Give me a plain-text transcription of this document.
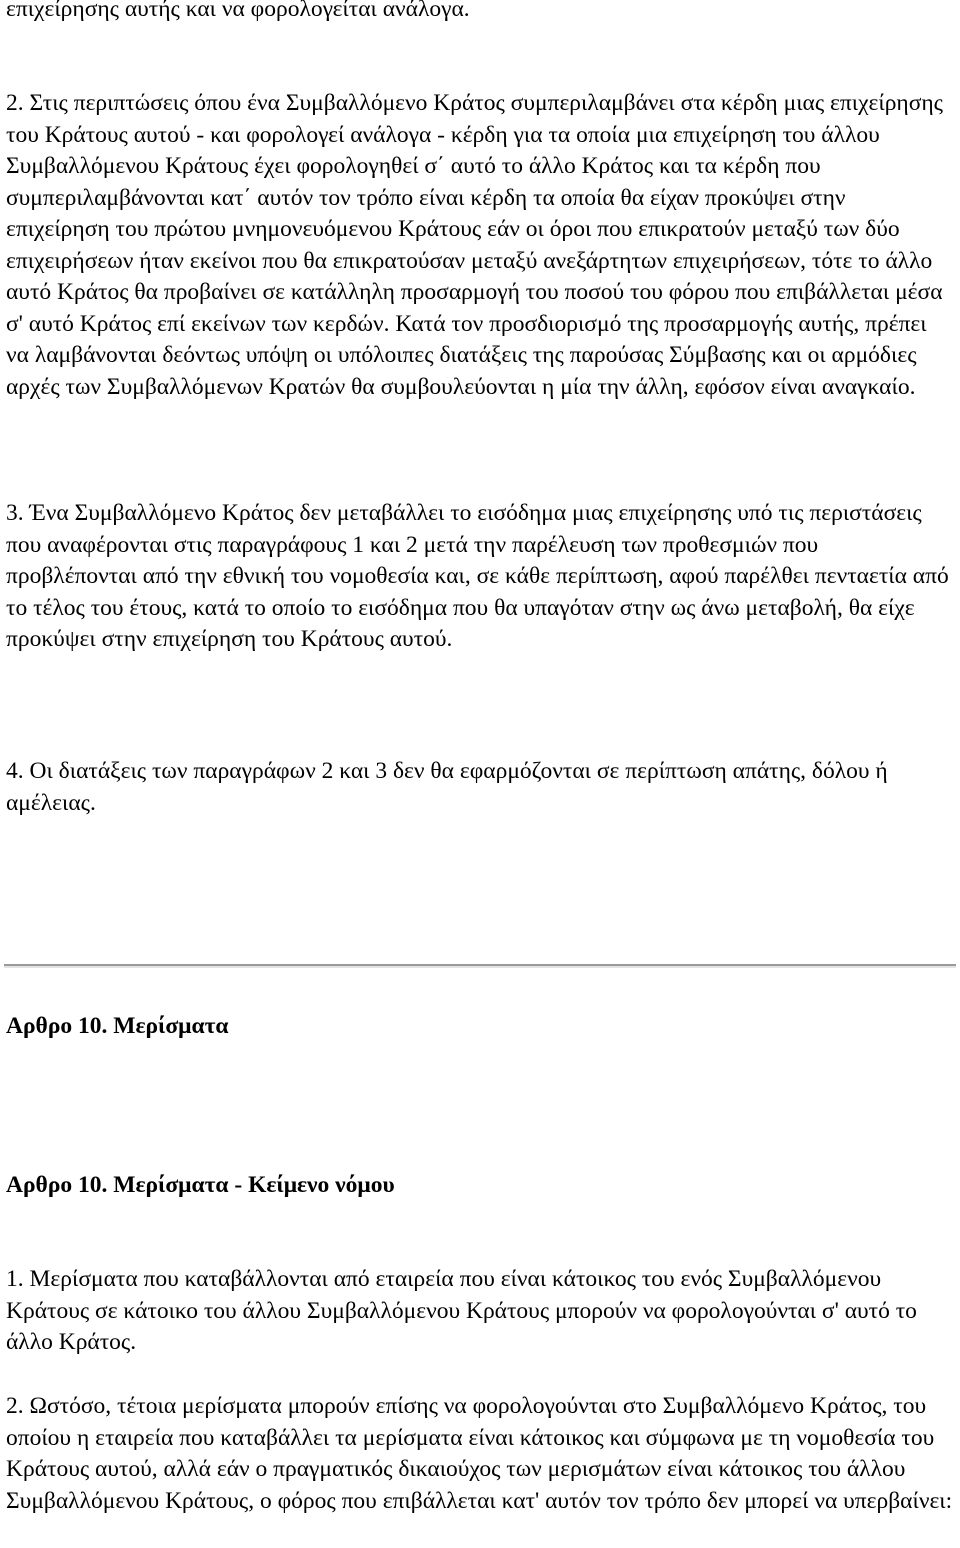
επιχείρησης αυτής και να φορολογείται ανάλογα.

2. Στις περιπτώσεις όπου ένα Συμβαλλόμενο Κράτος συμπεριλαμβάνει στα κέρδη μιας επιχείρησης του Κράτους αυτού - και φορολογεί ανάλογα - κέρδη για τα οποία μια επιχείρηση του άλλου Συμβαλλόμενου Κράτους έχει φορολογηθεί σ΄ αυτό το άλλο Κράτος και τα κέρδη που συμπεριλαμβάνονται κατ΄ αυτόν τον τρόπο είναι κέρδη τα οποία θα είχαν προκύψει στην επιχείρηση του πρώτου μνημονευόμενου Κράτους εάν οι όροι που επικρατούν μεταξύ των δύο επιχειρήσεων ήταν εκείνοι που θα επικρατούσαν μεταξύ ανεξάρτητων επιχειρήσεων, τότε το άλλο αυτό Κράτος θα προβαίνει σε κατάλληλη προσαρμογή του ποσού του φόρου που επιβάλλεται μέσα σ' αυτό Κράτος επί εκείνων των κερδών. Κατά τον προσδιορισμό της προσαρμογής αυτής, πρέπει να λαμβάνονται δεόντως υπόψη οι υπόλοιπες διατάξεις της παρούσας Σύμβασης και οι αρμόδιες αρχές των Συμβαλλόμενων Κρατών θα συμβουλεύονται η μία την άλλη, εφόσον είναι αναγκαίο.

3. Ένα Συμβαλλόμενο Κράτος δεν μεταβάλλει το εισόδημα μιας επιχείρησης υπό τις περιστάσεις που αναφέρονται στις παραγράφους 1 και 2 μετά την παρέλευση των προθεσμιών που προβλέπονται από την εθνική του νομοθεσία και, σε κάθε περίπτωση, αφού παρέλθει πενταετία από το τέλος του έτους, κατά το οποίο το εισόδημα που θα υπαγόταν στην ως άνω μεταβολή, θα είχε προκύψει στην επιχείρηση του Κράτους αυτού.

4. Οι διατάξεις των παραγράφων 2 και 3 δεν θα εφαρμόζονται σε περίπτωση απάτης, δόλου ή αμέλειας.

Αρθρο 10. Μερίσματα
Αρθρο 10. Μερίσματα - Κείμενο νόμου

1. Μερίσματα που καταβάλλονται από εταιρεία που είναι κάτοικος του ενός Συμβαλλόμενου Κράτους σε κάτοικο του άλλου Συμβαλλόμενου Κράτους μπορούν να φορολογούνται σ' αυτό το άλλο Κράτος.

2. Ωστόσο, τέτοια μερίσματα μπορούν επίσης να φορολογούνται στο Συμβαλλόμενο Κράτος, του οποίου η εταιρεία που καταβάλλει τα μερίσματα είναι κάτοικος και σύμφωνα με τη νομοθεσία του Κράτους αυτού, αλλά εάν ο πραγματικός δικαιούχος των μερισμάτων είναι κάτοικος του άλλου Συμβαλλόμενου Κράτους, ο φόρος που επιβάλλεται κατ' αυτόν τον τρόπο δεν μπορεί να υπερβαίνει:
